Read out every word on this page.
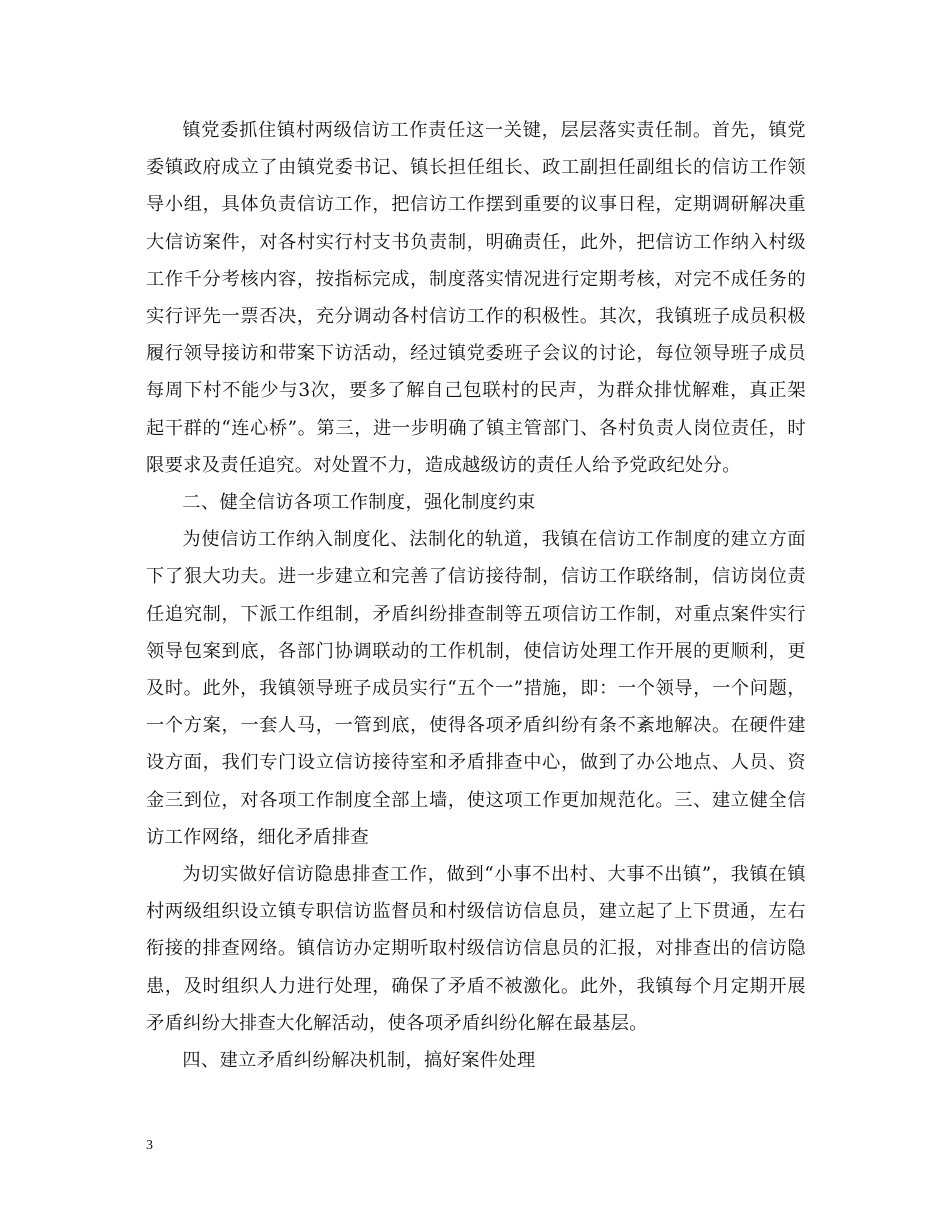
镇党委抓住镇村两级信访工作责任这一关键，层层落实责任制。首先，镇党委镇政府成立了由镇党委书记、镇长担任组长、政工副担任副组长的信访工作领导小组，具体负责信访工作，把信访工作摆到重要的议事日程，定期调研解决重大信访案件，对各村实行村支书负责制，明确责任，此外，把信访工作纳入村级工作千分考核内容，按指标完成，制度落实情况进行定期考核，对完不成任务的实行评先一票否决，充分调动各村信访工作的积极性。其次，我镇班子成员积极履行领导接访和带案下访活动，经过镇党委班子会议的讨论，每位领导班子成员每周下村不能少与3次，要多了解自己包联村的民声，为群众排忧解难，真正架起干群的“连心桥”。第三，进一步明确了镇主管部门、各村负责人岗位责任，时限要求及责任追究。对处置不力，造成越级访的责任人给予党政纪处分。

二、健全信访各项工作制度，强化制度约束

为使信访工作纳入制度化、法制化的轨道，我镇在信访工作制度的建立方面下了狠大功夫。进一步建立和完善了信访接待制，信访工作联络制，信访岗位责任追究制，下派工作组制，矛盾纠纷排查制等五项信访工作制，对重点案件实行领导包案到底，各部门协调联动的工作机制，使信访处理工作开展的更顺利，更及时。此外，我镇领导班子成员实行“五个一”措施，即：一个领导，一个问题，一个方案，一套人马，一管到底，使得各项矛盾纠纷有条不紊地解决。在硬件建设方面，我们专门设立信访接待室和矛盾排查中心，做到了办公地点、人员、资金三到位，对各项工作制度全部上墙，使这项工作更加规范化。三、建立健全信访工作网络，细化矛盾排查

为切实做好信访隐患排查工作，做到“小事不出村、大事不出镇”，我镇在镇村两级组织设立镇专职信访监督员和村级信访信息员，建立起了上下贯通，左右衔接的排查网络。镇信访办定期听取村级信访信息员的汇报，对排查出的信访隐患，及时组织人力进行处理，确保了矛盾不被激化。此外，我镇每个月定期开展矛盾纠纷大排查大化解活动，使各项矛盾纠纷化解在最基层。

四、建立矛盾纠纷解决机制，搞好案件处理

3
